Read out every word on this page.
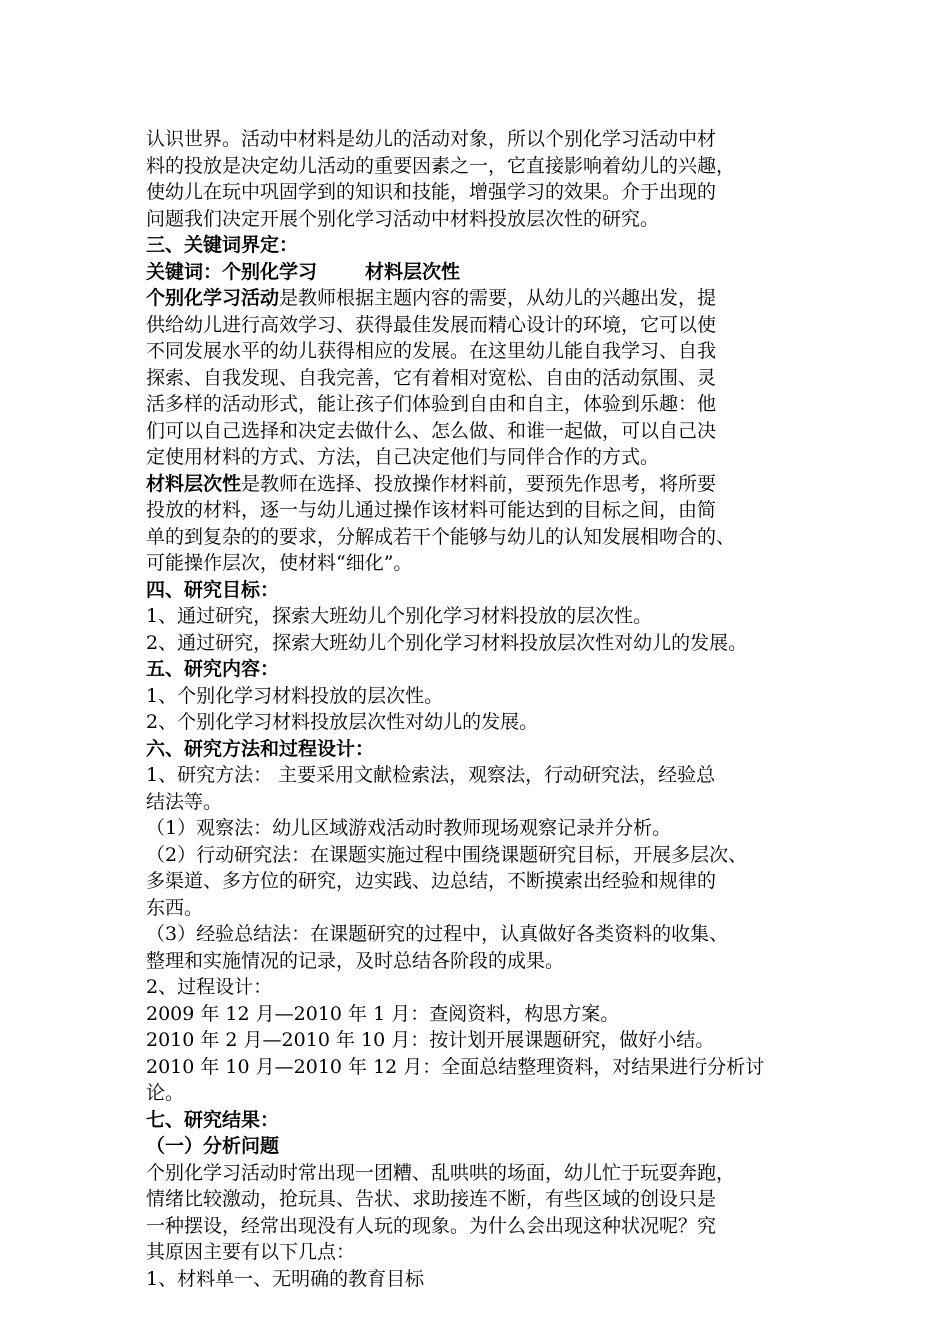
认识世界。活动中材料是幼儿的活动对象，所以个别化学习活动中材
料的投放是决定幼儿活动的重要因素之一，它直接影响着幼儿的兴趣，
使幼儿在玩中巩固学到的知识和技能，增强学习的效果。介于出现的
问题我们决定开展个别化学习活动中材料投放层次性的研究。
三、关键词界定：
关键词：个别化学习	材料层次性
个别化学习活动是教师根据主题内容的需要，从幼儿的兴趣出发，提
供给幼儿进行高效学习、获得最佳发展而精心设计的环境，它可以使
不同发展水平的幼儿获得相应的发展。在这里幼儿能自我学习、自我
探索、自我发现、自我完善，它有着相对宽松、自由的活动氛围、灵
活多样的活动形式，能让孩子们体验到自由和自主，体验到乐趣：他
们可以自己选择和决定去做什么、怎么做、和谁一起做，可以自己决
定使用材料的方式、方法，自己决定他们与同伴合作的方式。
材料层次性是教师在选择、投放操作材料前，要预先作思考，将所要
投放的材料，逐一与幼儿通过操作该材料可能达到的目标之间，由简
单的到复杂的的要求，分解成若干个能够与幼儿的认知发展相吻合的、
可能操作层次，使材料“细化”。
四、研究目标：
1、通过研究，探索大班幼儿个别化学习材料投放的层次性。
2、通过研究，探索大班幼儿个别化学习材料投放层次性对幼儿的发展。
五、研究内容：
1、个别化学习材料投放的层次性。
2、个别化学习材料投放层次性对幼儿的发展。
六、研究方法和过程设计：
1、研究方法： 主要采用文献检索法，观察法，行动研究法，经验总
结法等。
（1）观察法：幼儿区域游戏活动时教师现场观察记录并分析。
（2）行动研究法：在课题实施过程中围绕课题研究目标，开展多层次、
多渠道、多方位的研究，边实践、边总结，不断摸索出经验和规律的
东西。
（3）经验总结法：在课题研究的过程中，认真做好各类资料的收集、
整理和实施情况的记录，及时总结各阶段的成果。
2、过程设计：
2009 年 12 月—2010 年 1 月：查阅资料，构思方案。
2010 年 2 月—2010 年 10 月：按计划开展课题研究，做好小结。
2010 年 10 月—2010 年 12 月：全面总结整理资料，对结果进行分析讨
论。
七、研究结果：
（一）分析问题
个别化学习活动时常出现一团糟、乱哄哄的场面，幼儿忙于玩耍奔跑，
情绪比较激动，抢玩具、告状、求助接连不断，有些区域的创设只是
一种摆设，经常出现没有人玩的现象。为什么会出现这种状况呢？究
其原因主要有以下几点：
1、材料单一、无明确的教育目标
